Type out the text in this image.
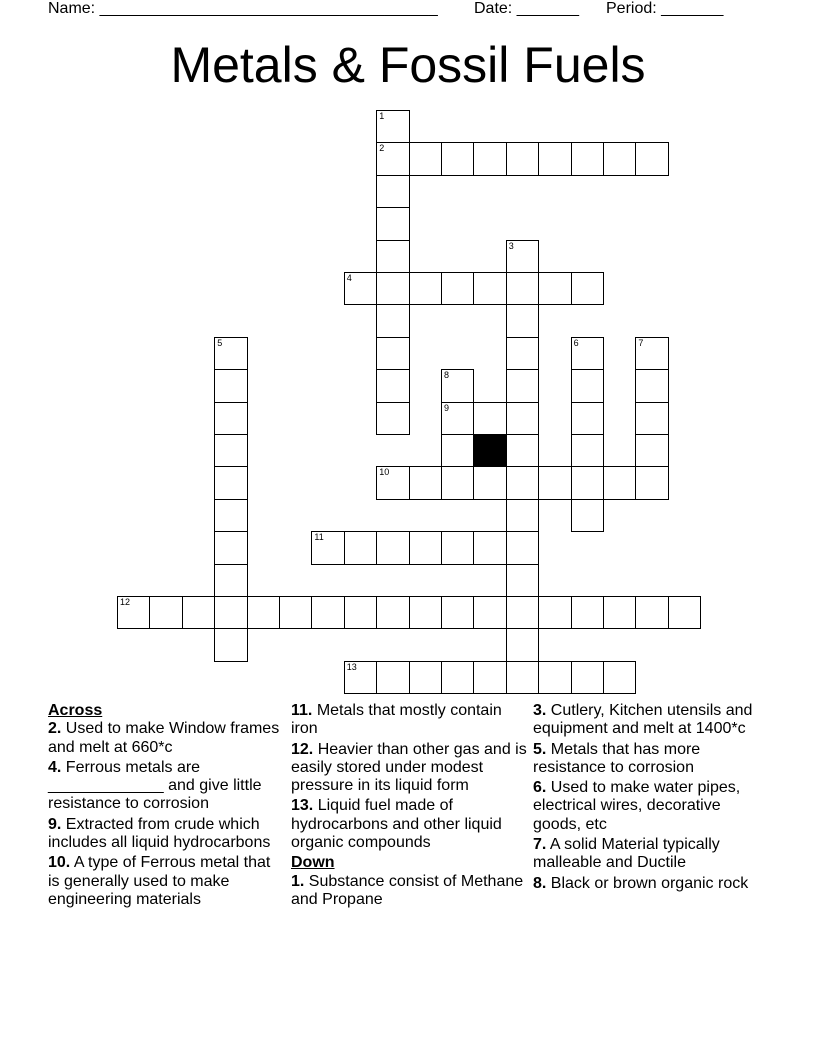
Name: ______________________________________ Date: _______ Period: _______
Metals & Fossil Fuels
1
2
3
4
5	6	7
8
9
10
11
12
13
Across

2. Used to make Window frames and melt at 660*c

4. Ferrous metals are _____________ and give little resistance to corrosion

9. Extracted from crude which includes all liquid hydrocarbons

10. A type of Ferrous metal that is generally used to make engineering materials

11. Metals that mostly contain iron

12. Heavier than other gas and is easily stored under modest pressure in its liquid form

13. Liquid fuel made of hydrocarbons and other liquid organic compounds

Down

1. Substance consist of Methane and Propane

3. Cutlery, Kitchen utensils and equipment and melt at 1400*c

5. Metals that has more resistance to corrosion

6. Used to make water pipes, electrical wires, decorative goods, etc

7. A solid Material typically malleable and Ductile

8. Black or brown organic rock
